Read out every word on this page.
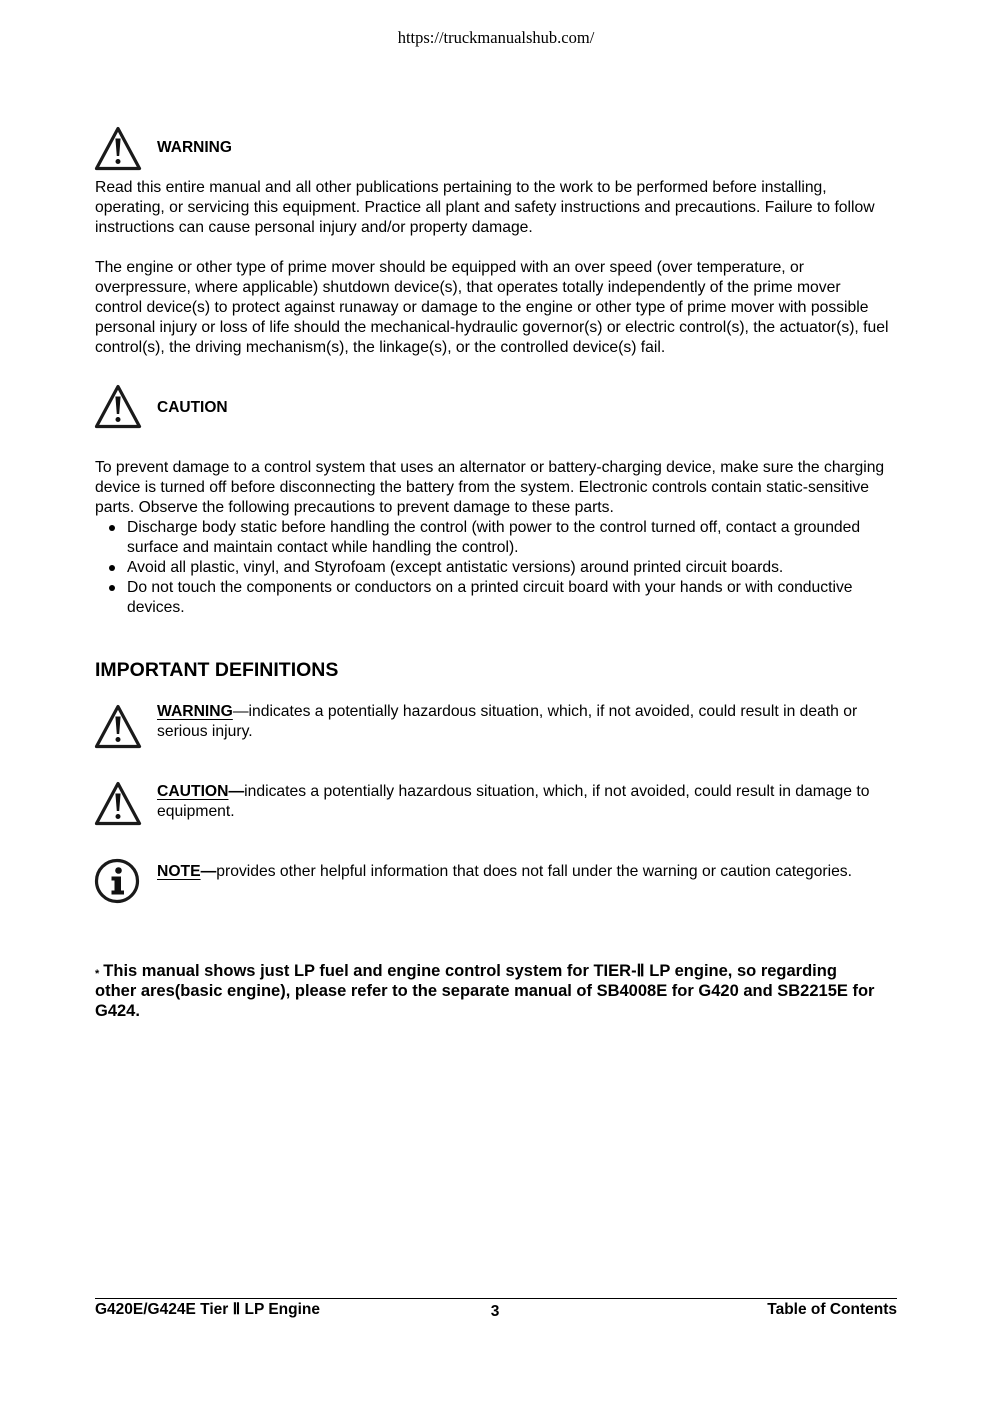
https://truckmanualshub.com/
WARNING
Read this entire manual and all other publications pertaining to the work to be performed before installing,
operating, or servicing this equipment. Practice all plant and safety instructions and precautions. Failure to follow
instructions can cause personal injury and/or property damage.
The engine or other type of prime mover should be equipped with an over speed (over temperature, or
overpressure, where applicable) shutdown device(s), that operates totally independently of the prime mover
control device(s) to protect against runaway or damage to the engine or other type of prime mover with possible
personal injury or loss of life should the mechanical-hydraulic governor(s) or electric control(s), the actuator(s), fuel
control(s), the driving mechanism(s), the linkage(s), or the controlled device(s) fail.
CAUTION
To prevent damage to a control system that uses an alternator or battery-charging device, make sure the charging
device is turned off before disconnecting the battery from the system. Electronic controls contain static-sensitive
parts. Observe the following precautions to prevent damage to these parts.
Discharge body static before handling the control (with power to the control turned off, contact a grounded
surface and maintain contact while handling the control).
Avoid all plastic, vinyl, and Styrofoam (except antistatic versions) around printed circuit boards.
Do not touch the components or conductors on a printed circuit board with your hands or with conductive
devices.
IMPORTANT DEFINITIONS
WARNING—indicates a potentially hazardous situation, which, if not avoided, could result in death or
serious injury.
CAUTION—indicates a potentially hazardous situation, which, if not avoided, could result in damage to
equipment.
NOTE—provides other helpful information that does not fall under the warning or caution categories.
* This manual shows just LP fuel and engine control system for TIER-Ⅱ LP engine, so regarding
other ares(basic engine), please refer to the separate manual of SB4008E for G420 and SB2215E for
G424.
G420E/G424E Tier Ⅱ LP Engine	3	Table of Contents
